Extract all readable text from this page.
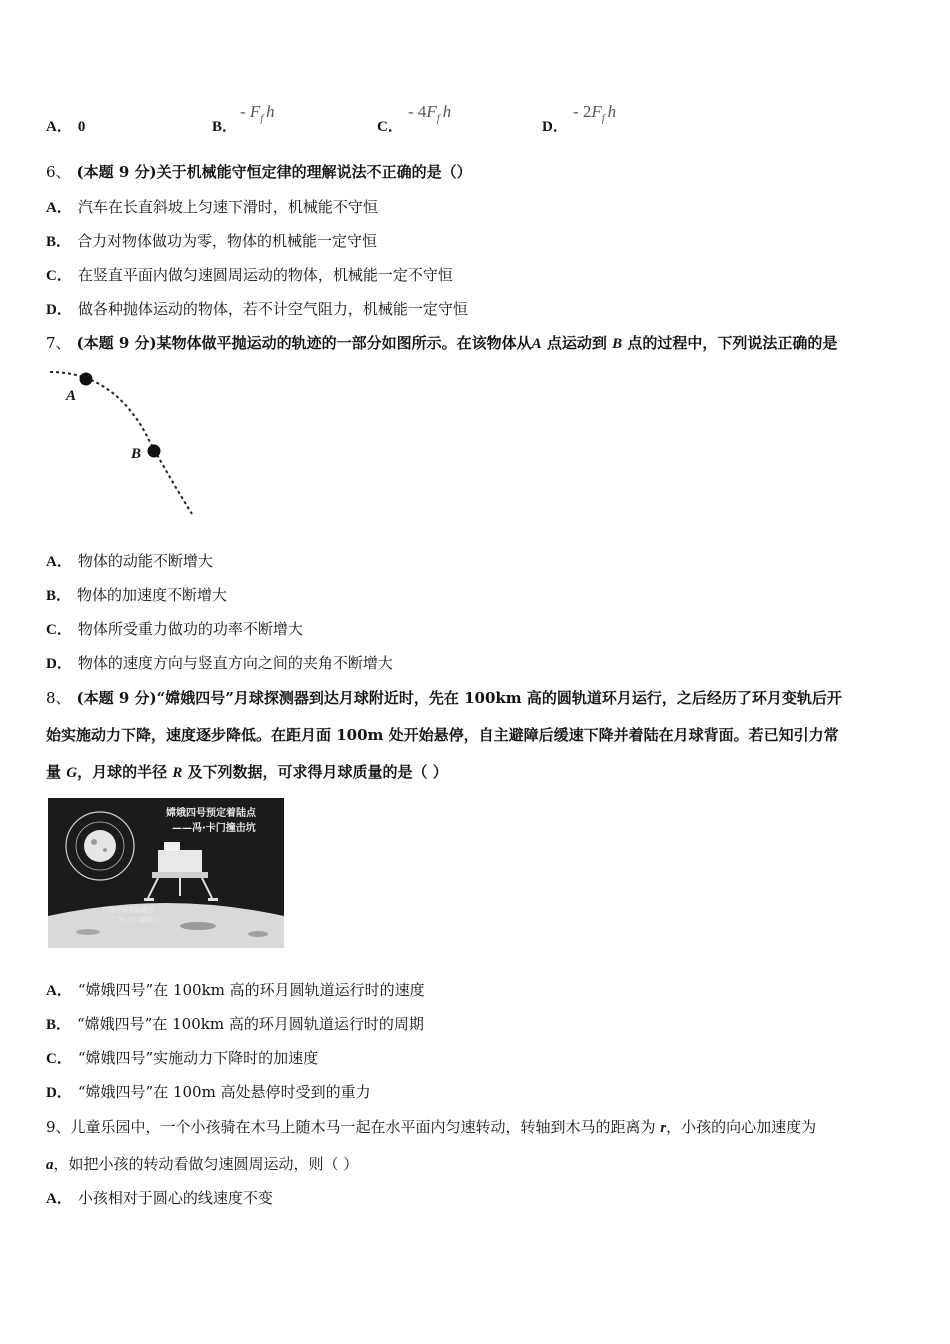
A． 0	B．
- $F_f$ h
C．
- $4F_f$ h
D．
- $2F_f$ h
6、 (本题 9 分)关于机械能守恒定律的理解说法不正确的是（）
A． 汽车在长直斜坡上匀速下滑时，机械能不守恒
B． 合力对物体做功为零，物体的机械能一定守恒
C． 在竖直平面内做匀速圆周运动的物体，机械能一定不守恒
D． 做各种抛体运动的物体，若不计空气阻力，机械能一定守恒
7、 (本题 9 分)某物体做平抛运动的轨迹的一部分如图所示。在该物体从A 点运动到 B 点的过程中，下列说法正确的是
A
B
A． 物体的动能不断增大
B． 物体的加速度不断增大
C． 物体所受重力做功的功率不断增大
D． 物体的速度方向与竖直方向之间的夹角不断增大
8、 (本题 9 分)“嫦娥四号”月球探测器到达月球附近时，先在 100km 高的圆轨道环月运行，之后经历了环月变轨后开
始实施动力下降，速度逐步降低。在距月面 100m 处开始悬停，自主避障后缓速下降并着陆在月球背面。若已知引力常
量 G，月球的半径 R 及下列数据，可求得月球质量的是（ ）
嫦娥四号预定着陆点
——冯·卡门撞击坑
月球背面着陆地点
冯·卡门撞击坑
A． “嫦娥四号”在 100km 高的环月圆轨道运行时的速度
B． “嫦娥四号”在 100km 高的环月圆轨道运行时的周期
C． “嫦娥四号”实施动力下降时的加速度
D． “嫦娥四号”在 100m 高处悬停时受到的重力
9、儿童乐园中，一个小孩骑在木马上随木马一起在水平面内匀速转动，转轴到木马的距离为 r，小孩的向心加速度为
a，如把小孩的转动看做匀速圆周运动，则（ ）
A． 小孩相对于圆心的线速度不变
